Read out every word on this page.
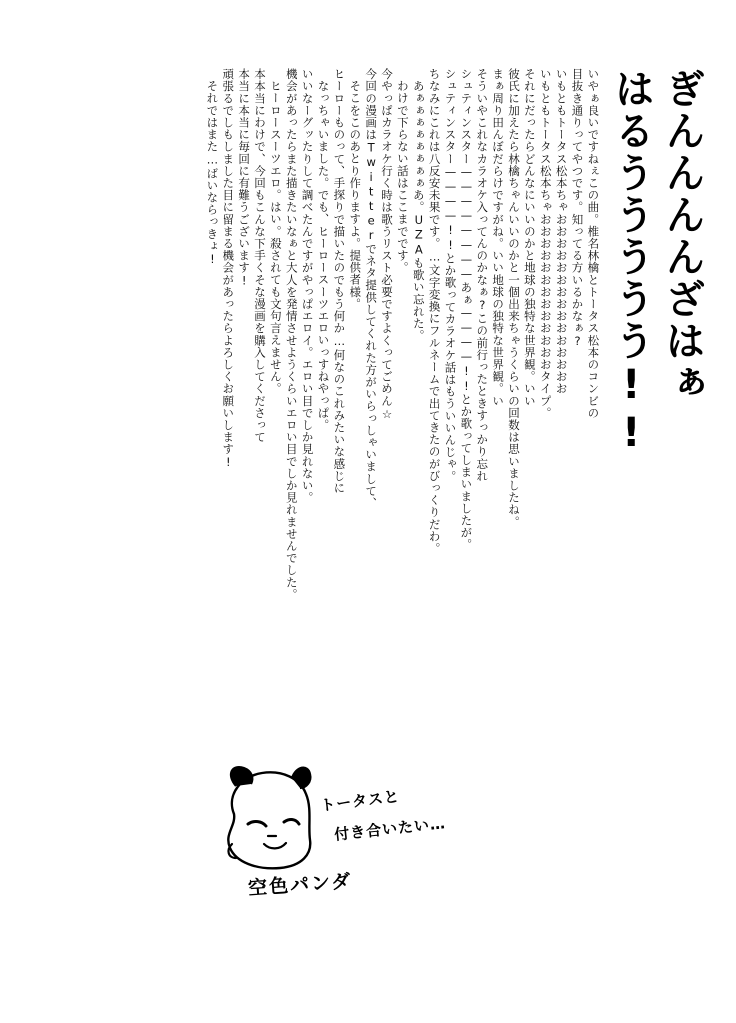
ぎんんんんざはぁ
はるううううう!!
いやぁ良いですねぇこの曲。椎名林檎とトータス松本のコンビの
目抜き通りってやつです。知ってる方いるかなぁ?
いもともトータス松本ちゃおおおおおおおおおおおおおおお
いもともトータス松本ちゃおおおおおおおおおおおおおタイプ。
それにだったらどんなにいいのかと地球の独特な世界観。いい
彼氏に加えたら林檎ちゃんいいのかと一個出来ちゃうくらいの回数は思いましたね。
まぁ周り田んぼだらけですがね。いい地球の独特な世界観。い
そういやこれなカラオケ入ってんのかなぁ?この前行ったときすっかり忘れ
シュティンスター————————あぁ————!!とか歌ってしまいましたが。
シュティンスター————!!とか歌ってカラオケ話はもういいんじゃ。
ちなみにこれは八反安未果です。…文字変換にフルネームで出てきたのがびっくりだわ。
あぁぁぁぁぁぁぁぁあ。UZAも歌い忘れた。
わけで下らない話はここまでです。
今やっぱカラオケ行く時は歌うリスト必要ですよくってごめん☆
今回の漫画はTwitterでネタ提供してくれた方がいらっしゃいまして、
そこをこのあとり作りますよ。提供者様。
ヒーローものって、手探りで描いたのでもう何か…何なのこれみたいな感じに
なっちゃいました。でも、ヒーロースーツエロいっすねやっぱ。
いいなーグッたりして調べたんですがやっぱエロイ。エロい目でしか見れない。
機会があったらまた描きたいなぁと大人を発情させようくらいエロい目でしか見れませんでした。
ヒーロースーツエロ。はい。殺されても文句言えません。
本本当にわけで、今回もこんな下手くそな漫画を購入してくださって
本当に本当に毎回に有難うございます!
頑張るでしもしました目に留まる機会があったらよろしくお願いします!
それではまた…ばいならっきょ!
トータスと
付き合いたい…
空色パンダ
